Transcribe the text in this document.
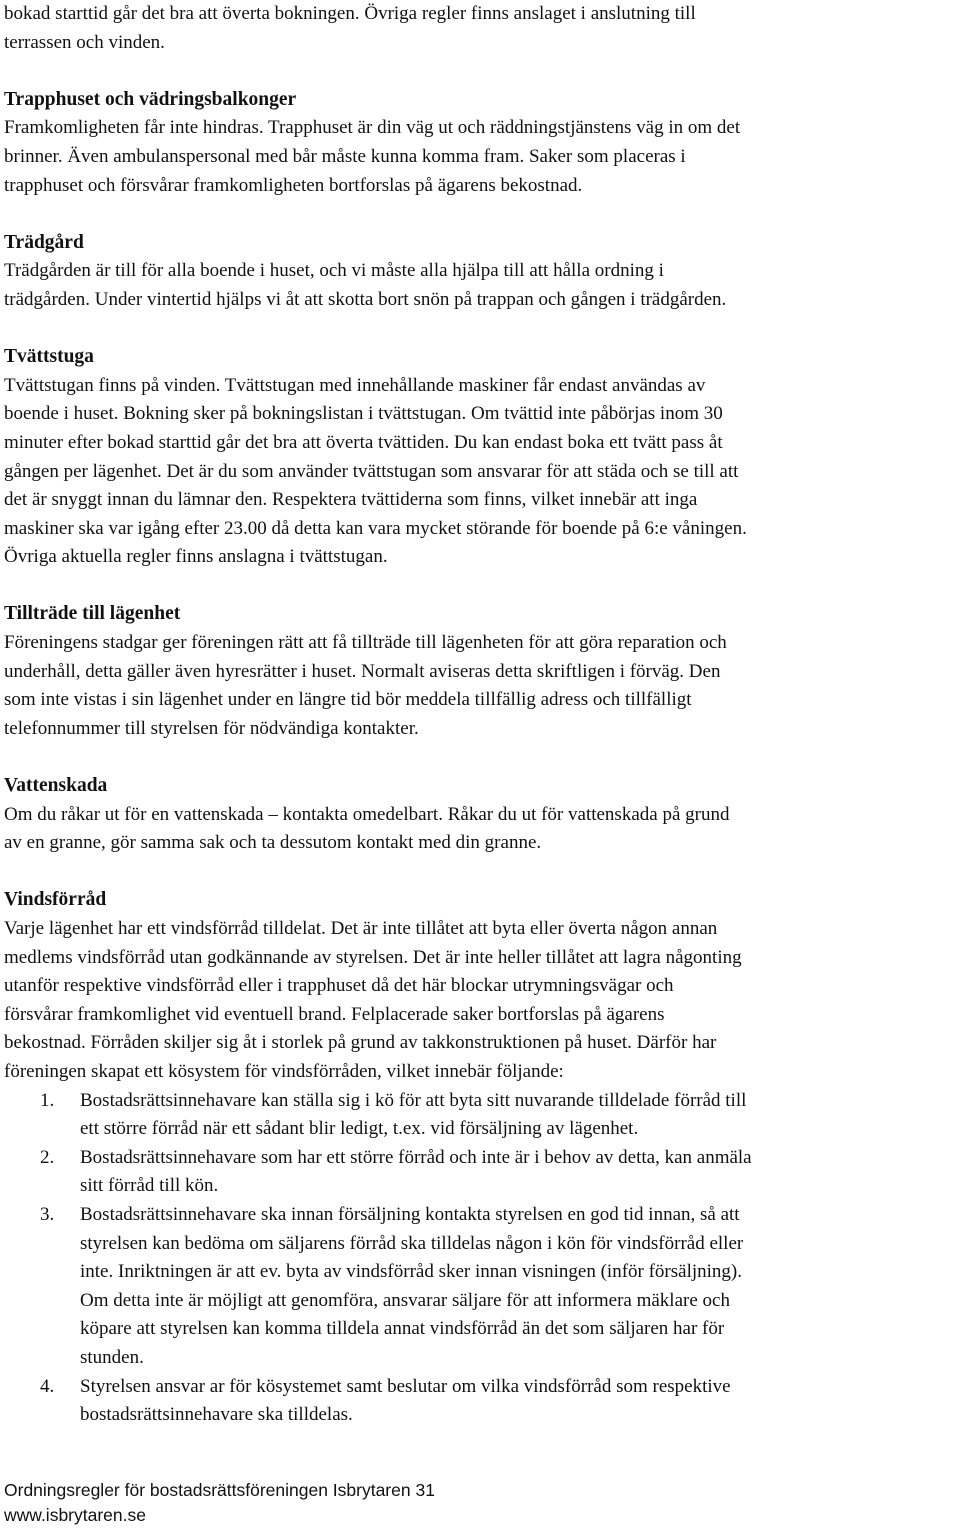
bokad starttid går det bra att överta bokningen. Övriga regler finns anslaget i anslutning till
terrassen och vinden.
Trapphuset och vädringsbalkonger
Framkomligheten får inte hindras. Trapphuset är din väg ut och räddningstjänstens väg in om det
brinner. Även ambulanspersonal med bår måste kunna komma fram. Saker som placeras i
trapphuset och försvårar framkomligheten bortforslas på ägarens bekostnad.
Trädgård
Trädgården är till för alla boende i huset, och vi måste alla hjälpa till att hålla ordning i
trädgården. Under vintertid hjälps vi åt att skotta bort snön på trappan och gången i trädgården.
Tvättstuga
Tvättstugan finns på vinden. Tvättstugan med innehållande maskiner får endast användas av
boende i huset. Bokning sker på bokningslistan i tvättstugan. Om tvättid inte påbörjas inom 30
minuter efter bokad starttid går det bra att överta tvättiden. Du kan endast boka ett tvätt pass åt
gången per lägenhet. Det är du som använder tvättstugan som ansvarar för att städa och se till att
det är snyggt innan du lämnar den. Respektera tvättiderna som finns, vilket innebär att inga
maskiner ska var igång efter 23.00 då detta kan vara mycket störande för boende på 6:e våningen.
Övriga aktuella regler finns anslagna i tvättstugan.
Tillträde till lägenhet
Föreningens stadgar ger föreningen rätt att få tillträde till lägenheten för att göra reparation och
underhåll, detta gäller även hyresrätter i huset. Normalt aviseras detta skriftligen i förväg. Den
som inte vistas i sin lägenhet under en längre tid bör meddela tillfällig adress och tillfälligt
telefonnummer till styrelsen för nödvändiga kontakter.
Vattenskada
Om du råkar ut för en vattenskada – kontakta omedelbart. Råkar du ut för vattenskada på grund
av en granne, gör samma sak och ta dessutom kontakt med din granne.
Vindsförråd
Varje lägenhet har ett vindsförråd tilldelat. Det är inte tillåtet att byta eller överta någon annan
medlems vindsförråd utan godkännande av styrelsen. Det är inte heller tillåtet att lagra någonting
utanför respektive vindsförråd eller i trapphuset då det här blockar utrymningsvägar och
försvårar framkomlighet vid eventuell brand. Felplacerade saker bortforslas på ägarens
bekostnad. Förråden skiljer sig åt i storlek på grund av takkonstruktionen på huset. Därför har
föreningen skapat ett kösystem för vindsförråden, vilket innebär följande:
1. Bostadsrättsinnehavare kan ställa sig i kö för att byta sitt nuvarande tilldelade förråd till
ett större förråd när ett sådant blir ledigt, t.ex. vid försäljning av lägenhet.
2. Bostadsrättsinnehavare som har ett större förråd och inte är i behov av detta, kan anmäla
sitt förråd till kön.
3. Bostadsrättsinnehavare ska innan försäljning kontakta styrelsen en god tid innan, så att
styrelsen kan bedöma om säljarens förråd ska tilldelas någon i kön för vindsförråd eller
inte. Inriktningen är att ev. byta av vindsförråd sker innan visningen (inför försäljning).
Om detta inte är möjligt att genomföra, ansvarar säljare för att informera mäklare och
köpare att styrelsen kan komma tilldela annat vindsförråd än det som säljaren har för
stunden.
4. Styrelsen ansvar ar för kösystemet samt beslutar om vilka vindsförråd som respektive
bostadsrättsinnehavare ska tilldelas.
Ordningsregler för bostadsrättsföreningen Isbrytaren 31
www.isbrytaren.se
